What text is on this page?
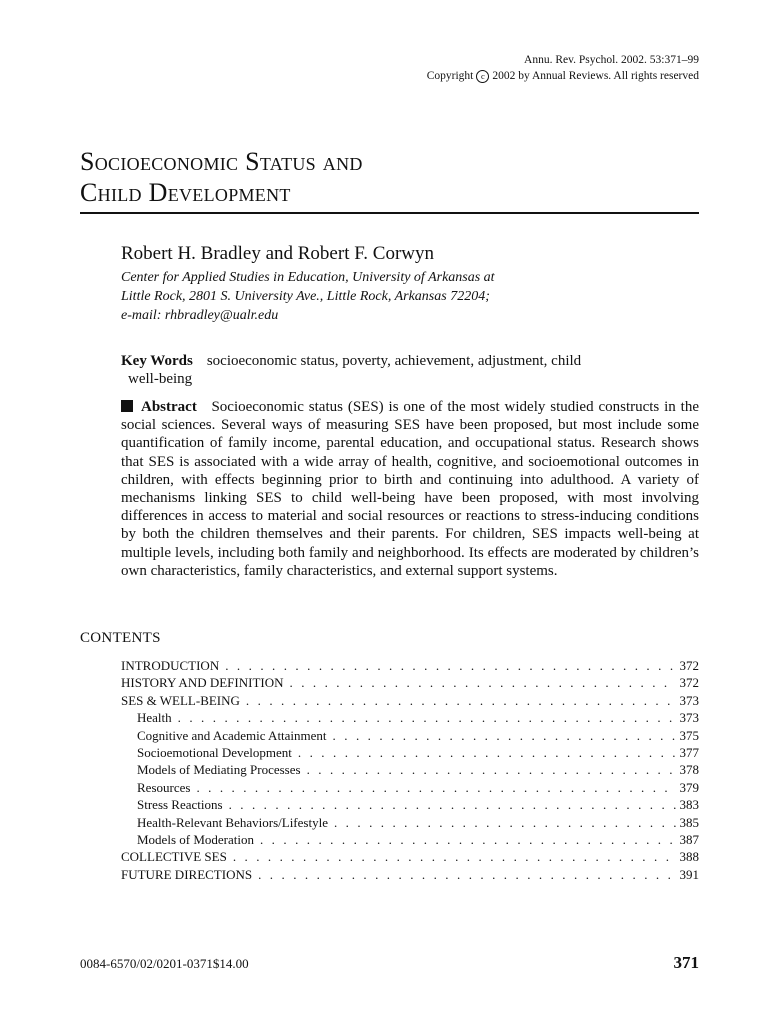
Annu. Rev. Psychol. 2002. 53:371–99
Copyright c 2002 by Annual Reviews. All rights reserved
Socioeconomic Status and
Child Development
Robert H. Bradley and Robert F. Corwyn
Center for Applied Studies in Education, University of Arkansas at
Little Rock, 2801 S. University Ave., Little Rock, Arkansas 72204;
e-mail: rhbradley@ualr.edu
Key Words socioeconomic status, poverty, achievement, adjustment, child
well-being
Abstract Socioeconomic status (SES) is one of the most widely studied constructs in the social sciences. Several ways of measuring SES have been proposed, but most include some quantification of family income, parental education, and occupational status. Research shows that SES is associated with a wide array of health, cognitive, and socioemotional outcomes in children, with effects beginning prior to birth and continuing into adulthood. A variety of mechanisms linking SES to child well-being have been proposed, with most involving differences in access to material and social resources or reactions to stress-inducing conditions by both the children themselves and their parents. For children, SES impacts well-being at multiple levels, including both family and neighborhood. Its effects are moderated by children’s own characteristics, family characteristics, and external support systems.
CONTENTS
INTRODUCTION . . .	372
HISTORY AND DEFINITION . . .	372
SES & WELL-BEING . . .	373
Health . . .	373
Cognitive and Academic Attainment . . .	375
Socioemotional Development . . .	377
Models of Mediating Processes . . .	378
Resources . . .	379
Stress Reactions . . .	383
Health-Relevant Behaviors/Lifestyle . . .	385
Models of Moderation . . .	387
COLLECTIVE SES . . .	388
FUTURE DIRECTIONS . . .	391
0084-6570/02/0201-0371$14.00	371
